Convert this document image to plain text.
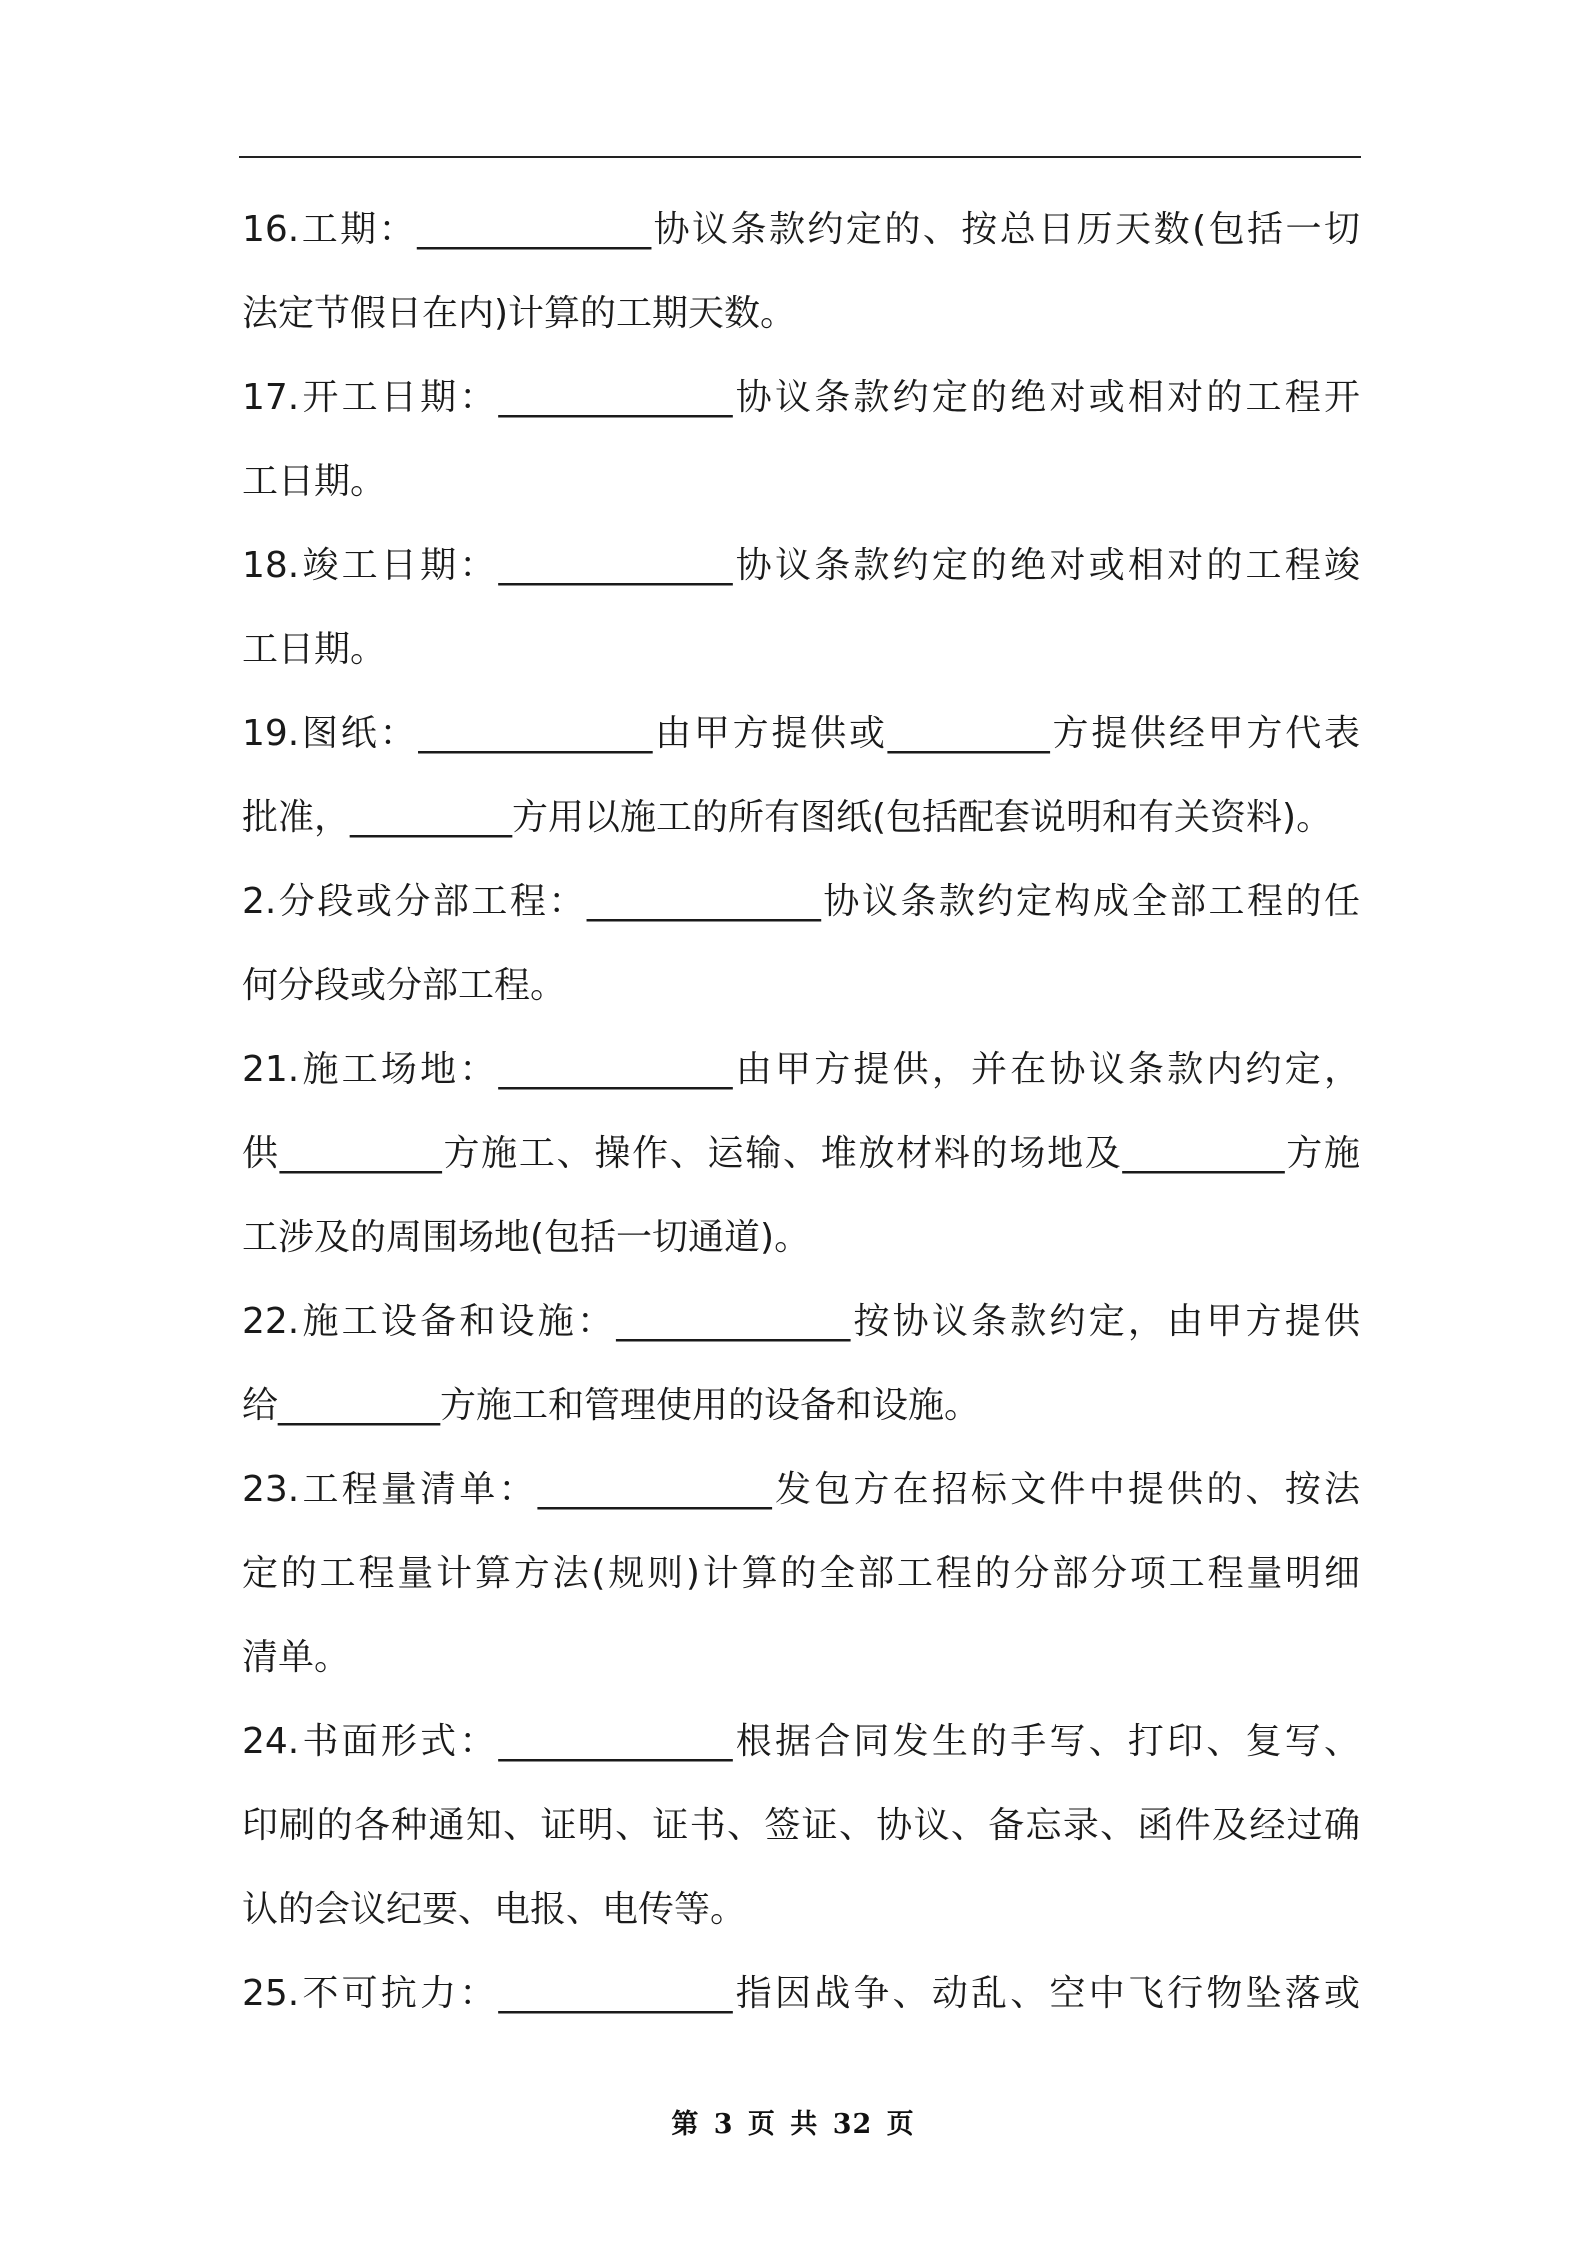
16.工期：_____________协议条款约定的、按总日历天数(包括一切
法定节假日在内)计算的工期天数。
17.开工日期：_____________协议条款约定的绝对或相对的工程开
工日期。
18.竣工日期：_____________协议条款约定的绝对或相对的工程竣
工日期。
19.图纸：_____________由甲方提供或_________方提供经甲方代表
批准，_________方用以施工的所有图纸(包括配套说明和有关资料)。
2.分段或分部工程：_____________协议条款约定构成全部工程的任
何分段或分部工程。
21.施工场地：_____________由甲方提供，并在协议条款内约定，
供_________方施工、操作、运输、堆放材料的场地及_________方施
工涉及的周围场地(包括一切通道)。
22.施工设备和设施：_____________按协议条款约定，由甲方提供
给_________方施工和管理使用的设备和设施。
23.工程量清单：_____________发包方在招标文件中提供的、按法
定的工程量计算方法(规则)计算的全部工程的分部分项工程量明细
清单。
24.书面形式：_____________根据合同发生的手写、打印、复写、
印刷的各种通知、证明、证书、签证、协议、备忘录、函件及经过确
认的会议纪要、电报、电传等。
25.不可抗力：_____________指因战争、动乱、空中飞行物坠落或
第 3 页 共 32 页
